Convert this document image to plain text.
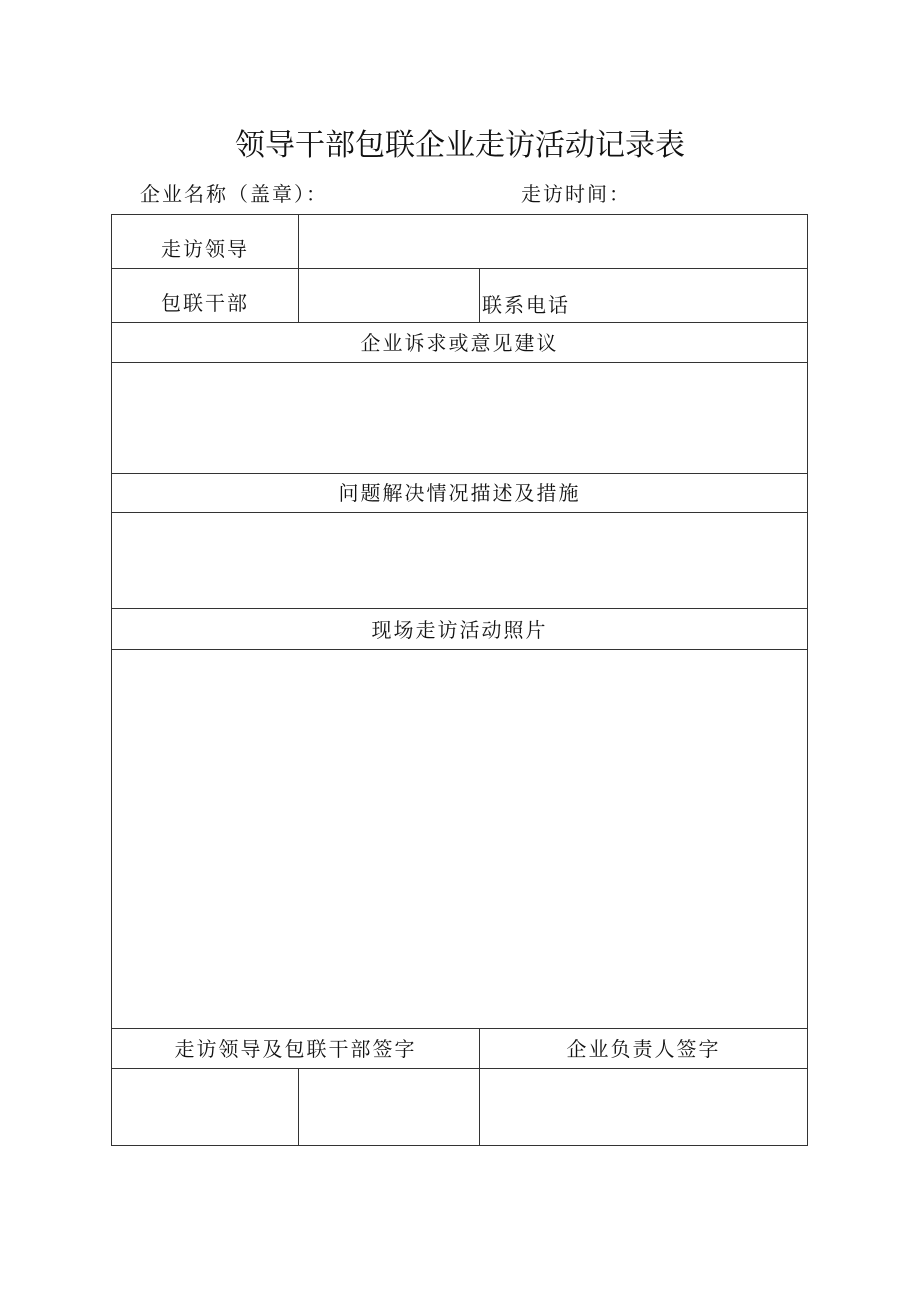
领导干部包联企业走访活动记录表
企业名称（盖章）：	走访时间：
走访领导		
包联干部		联系电话
企业诉求或意见建议		

问题解决情况描述及措施		

现场走访活动照片		

走访领导及包联干部签字		企业负责人签字
